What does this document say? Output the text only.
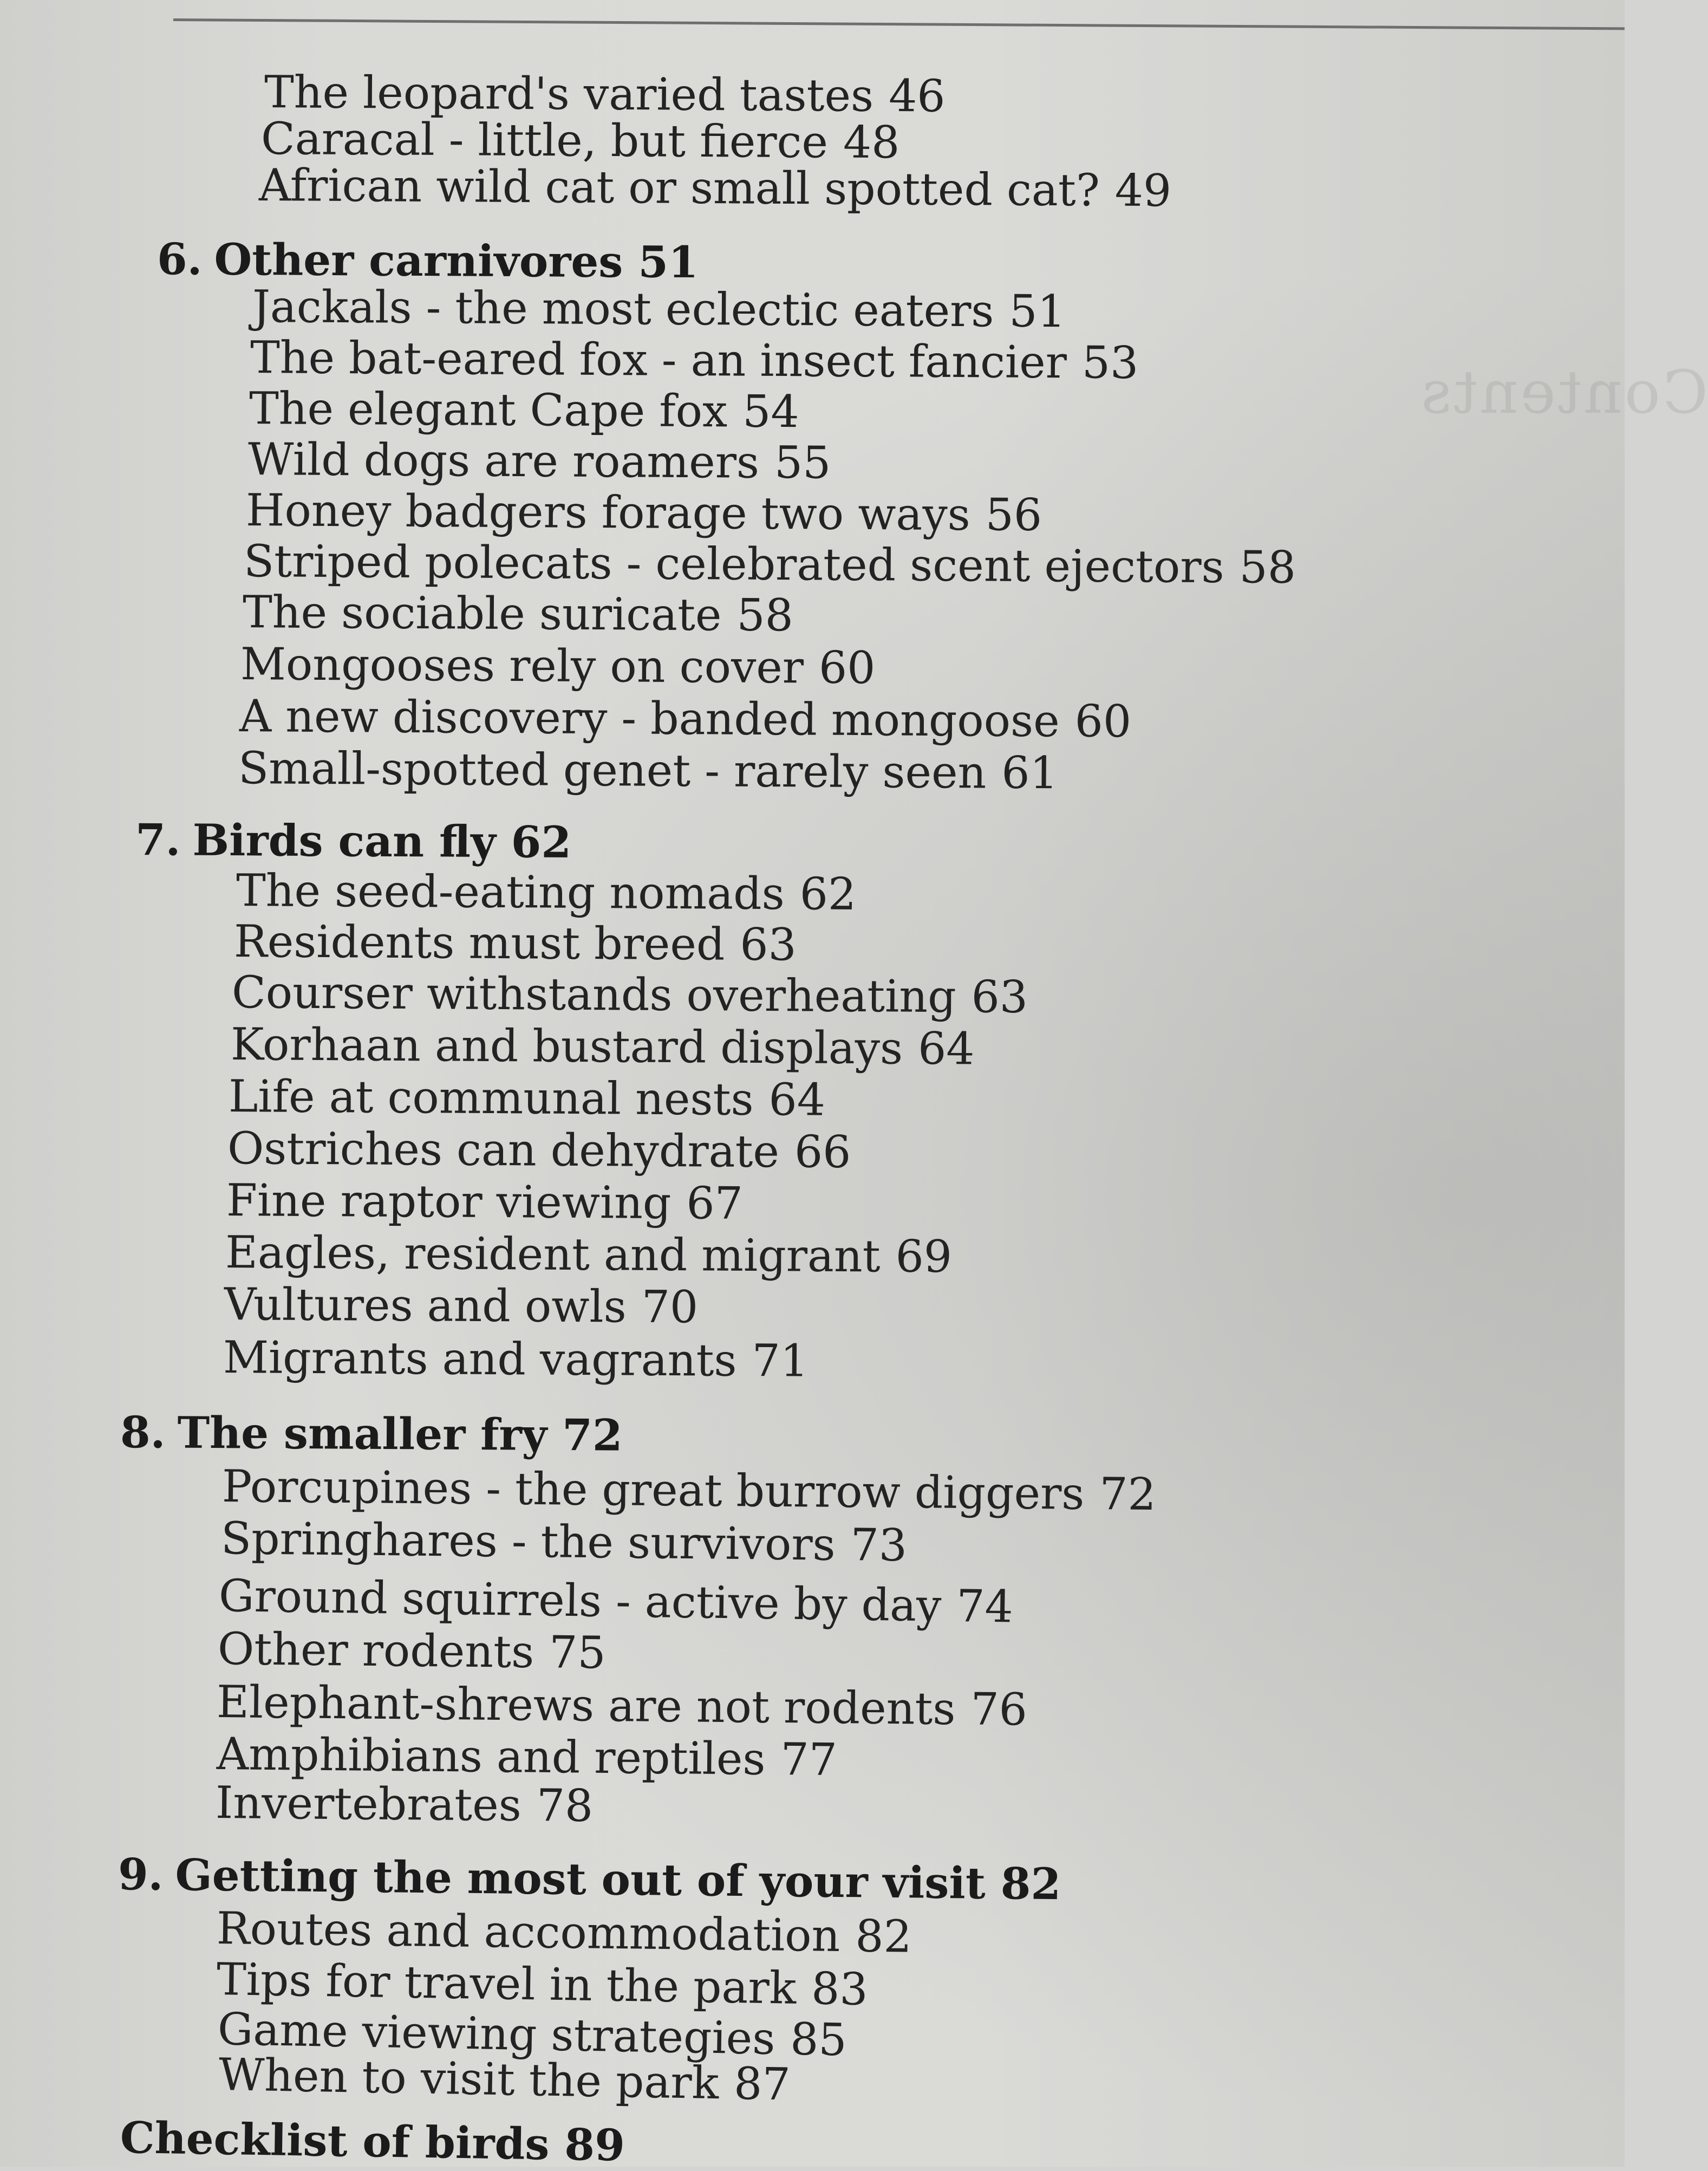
Contents
The leopard's varied tastes 46
Caracal - little, but fierce 48
African wild cat or small spotted cat? 49
6. Other carnivores 51
Jackals - the most eclectic eaters 51
The bat-eared fox - an insect fancier 53
The elegant Cape fox 54
Wild dogs are roamers 55
Honey badgers forage two ways 56
Striped polecats - celebrated scent ejectors 58
The sociable suricate 58
Mongooses rely on cover 60
A new discovery - banded mongoose 60
Small-spotted genet - rarely seen 61
7. Birds can fly 62
The seed-eating nomads 62
Residents must breed 63
Courser withstands overheating 63
Korhaan and bustard displays 64
Life at communal nests 64
Ostriches can dehydrate 66
Fine raptor viewing 67
Eagles, resident and migrant 69
Vultures and owls 70
Migrants and vagrants 71
8. The smaller fry 72
Porcupines - the great burrow diggers 72
Springhares - the survivors 73
Ground squirrels - active by day 74
Other rodents 75
Elephant-shrews are not rodents 76
Amphibians and reptiles 77
Invertebrates 78
9. Getting the most out of your visit 82
Routes and accommodation 82
Tips for travel in the park 83
Game viewing strategies 85
When to visit the park 87
Checklist of birds 89
